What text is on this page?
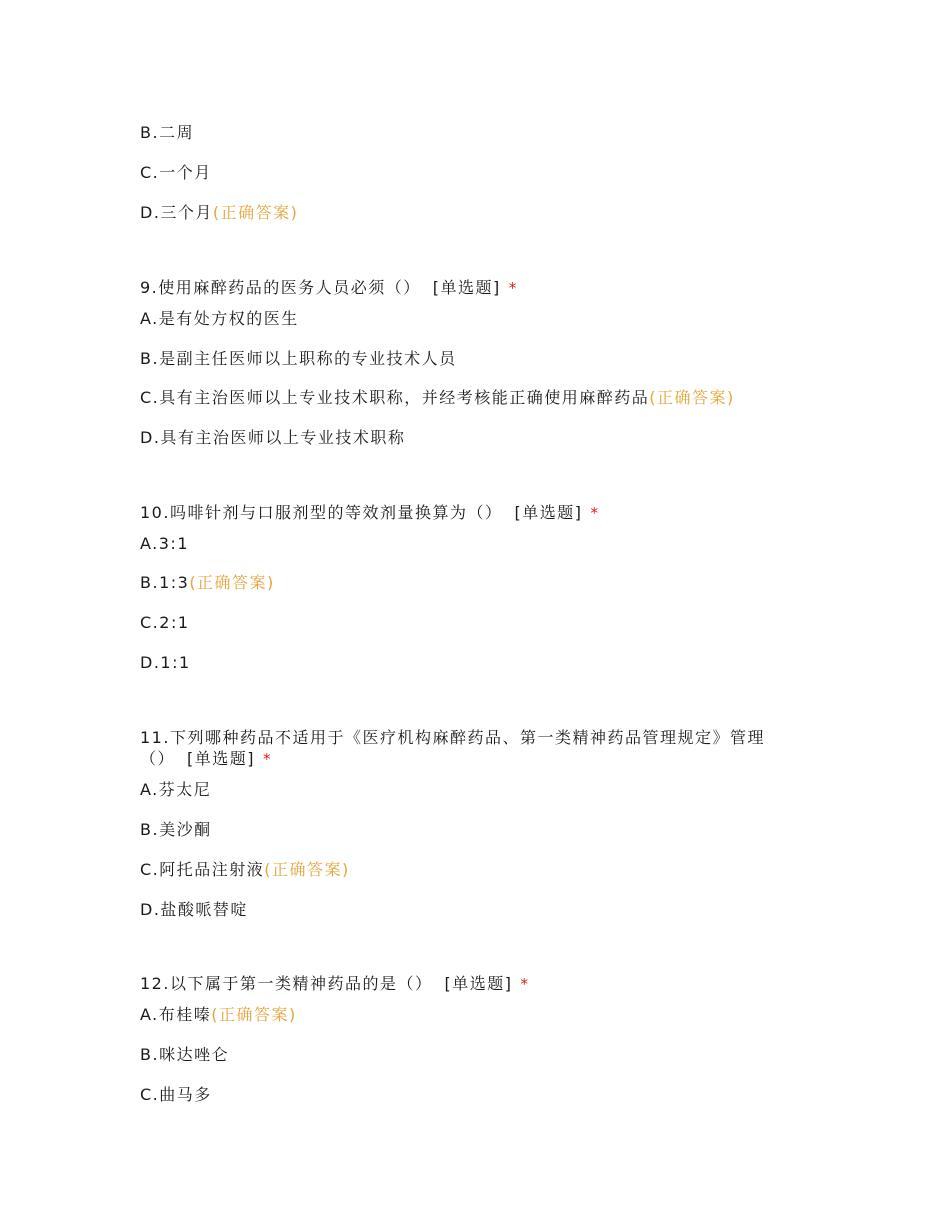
B.二周
C.一个月
D.三个月(正确答案)
9.使用麻醉药品的医务人员必须（） [单选题] *
A.是有处方权的医生
B.是副主任医师以上职称的专业技术人员
C.具有主治医师以上专业技术职称，并经考核能正确使用麻醉药品(正确答案)
D.具有主治医师以上专业技术职称
10.吗啡针剂与口服剂型的等效剂量换算为（） [单选题] *
A.3:1
B.1:3(正确答案)
C.2:1
D.1:1
11.下列哪种药品不适用于《医疗机构麻醉药品、第一类精神药品管理规定》管理
（） [单选题] *
A.芬太尼
B.美沙酮
C.阿托品注射液(正确答案)
D.盐酸哌替啶
12.以下属于第一类精神药品的是（） [单选题] *
A.布桂嗪(正确答案)
B.咪达唑仑
C.曲马多
